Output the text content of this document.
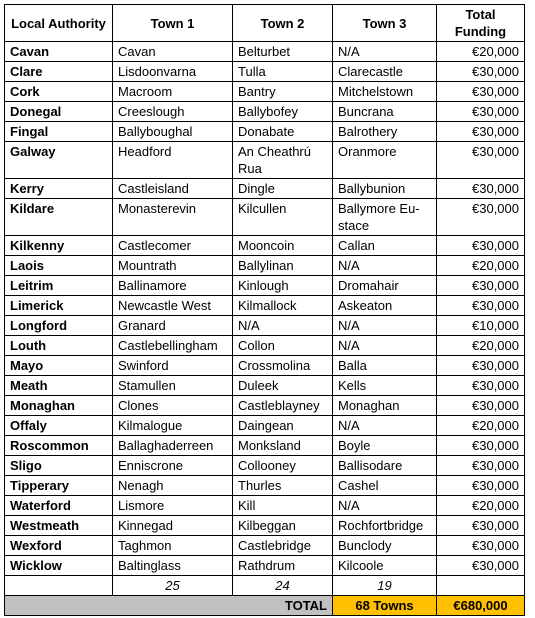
Local Authority	Town 1	Town 2	Town 3	Total Funding
Cavan	Cavan	Belturbet	N/A	€20,000
Clare	Lisdoonvarna	Tulla	Clarecastle	€30,000
Cork	Macroom	Bantry	Mitchelstown	€30,000
Donegal	Creeslough	Ballybofey	Buncrana	€30,000
Fingal	Ballyboughal	Donabate	Balrothery	€30,000
Galway	Headford	An Cheathrú Rua	Oranmore	€30,000
Kerry	Castleisland	Dingle	Ballybunion	€30,000
Kildare	Monasterevin	Kilcullen	Ballymore Eu-stace	€30,000
Kilkenny	Castlecomer	Mooncoin	Callan	€30,000
Laois	Mountrath	Ballylinan	N/A	€20,000
Leitrim	Ballinamore	Kinlough	Dromahair	€30,000
Limerick	Newcastle West	Kilmallock	Askeaton	€30,000
Longford	Granard	N/A	N/A	€10,000
Louth	Castlebellingham	Collon	N/A	€20,000
Mayo	Swinford	Crossmolina	Balla	€30,000
Meath	Stamullen	Duleek	Kells	€30,000
Monaghan	Clones	Castleblayney	Monaghan	€30,000
Offaly	Kilmalogue	Daingean	N/A	€20,000
Roscommon	Ballaghaderreen	Monksland	Boyle	€30,000
Sligo	Enniscrone	Collooney	Ballisodare	€30,000
Tipperary	Nenagh	Thurles	Cashel	€30,000
Waterford	Lismore	Kill	N/A	€20,000
Westmeath	Kinnegad	Kilbeggan	Rochfortbridge	€30,000
Wexford	Taghmon	Castlebridge	Bunclody	€30,000
Wicklow	Baltinglass	Rathdrum	Kilcoole	€30,000
	25	24	19	
TOTAL			68 Towns	€680,000
